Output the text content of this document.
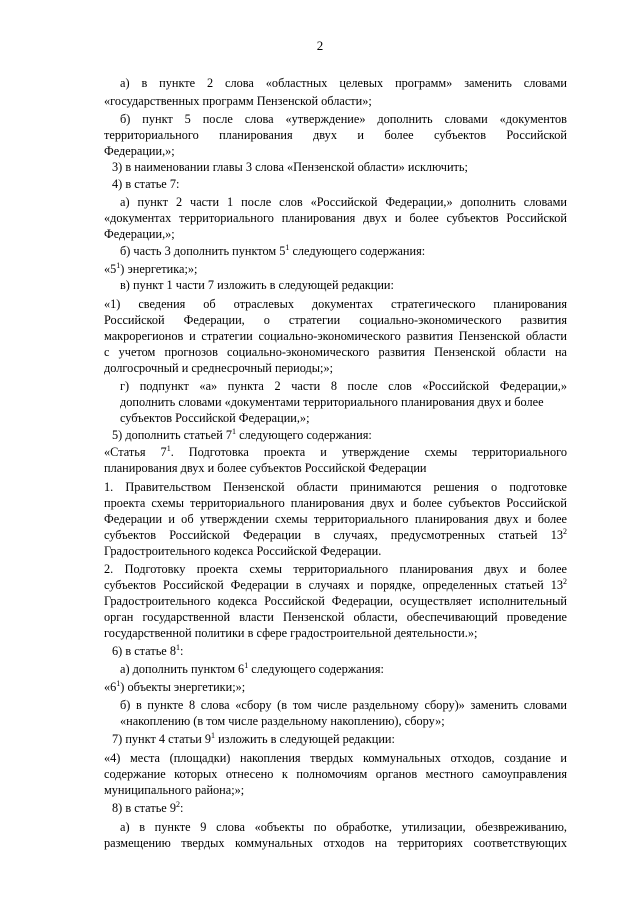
2
а) в пункте 2 слова «областных целевых программ» заменить словами
«государственных программ Пензенской области»;
б) пункт 5 после слова «утверждение» дополнить словами «документов
территориального планирования двух и более субъектов Российской
Федерации,»;
3) в наименовании главы 3 слова «Пензенской области» исключить;
4) в статье 7:
а) пункт 2 части 1 после слов «Российской Федерации,» дополнить словами
«документах территориального планирования двух и более субъектов Российской
Федерации,»;
б) часть 3 дополнить пунктом $5^1$ следующего содержания:
«$5^1$) энергетика;»;
в) пункт 1 части 7 изложить в следующей редакции:
«1) сведения об отраслевых документах стратегического планирования
Российской Федерации, о стратегии социально-экономического развития
макрорегионов и стратегии социально-экономического развития Пензенской области
с учетом прогнозов социально-экономического развития Пензенской области на
долгосрочный и среднесрочный периоды;»;
г) подпункт «а» пункта 2 части 8 после слов «Российской Федерации,»
дополнить словами «документами территориального планирования двух и более
субъектов Российской Федерации,»;
5) дополнить статьей $7^1$ следующего содержания:
«Статья $7^1$. Подготовка проекта и утверждение схемы территориального
планирования двух и более субъектов Российской Федерации
1. Правительством Пензенской области принимаются решения о подготовке
проекта схемы территориального планирования двух и более субъектов Российской
Федерации и об утверждении схемы территориального планирования двух и более
субъектов Российской Федерации в случаях, предусмотренных статьей $13^2$
Градостроительного кодекса Российской Федерации.
2. Подготовку проекта схемы территориального планирования двух и более
субъектов Российской Федерации в случаях и порядке, определенных статьей $13^2$
Градостроительного кодекса Российской Федерации, осуществляет исполнительный
орган государственной власти Пензенской области, обеспечивающий проведение
государственной политики в сфере градостроительной деятельности.»;
6) в статье $8^1$:
а) дополнить пунктом $6^1$ следующего содержания:
«$6^1$) объекты энергетики;»;
б) в пункте 8 слова «сбору (в том числе раздельному сбору)» заменить словами
«накоплению (в том числе раздельному накоплению), сбору»;
7) пункт 4 статьи $9^1$ изложить в следующей редакции:
«4) места (площадки) накопления твердых коммунальных отходов, создание и
содержание которых отнесено к полномочиям органов местного самоуправления
муниципального района;»;
8) в статье $9^2$:
а) в пункте 9 слова «объекты по обработке, утилизации, обезвреживанию,
размещению твердых коммунальных отходов на территориях соответствующих
